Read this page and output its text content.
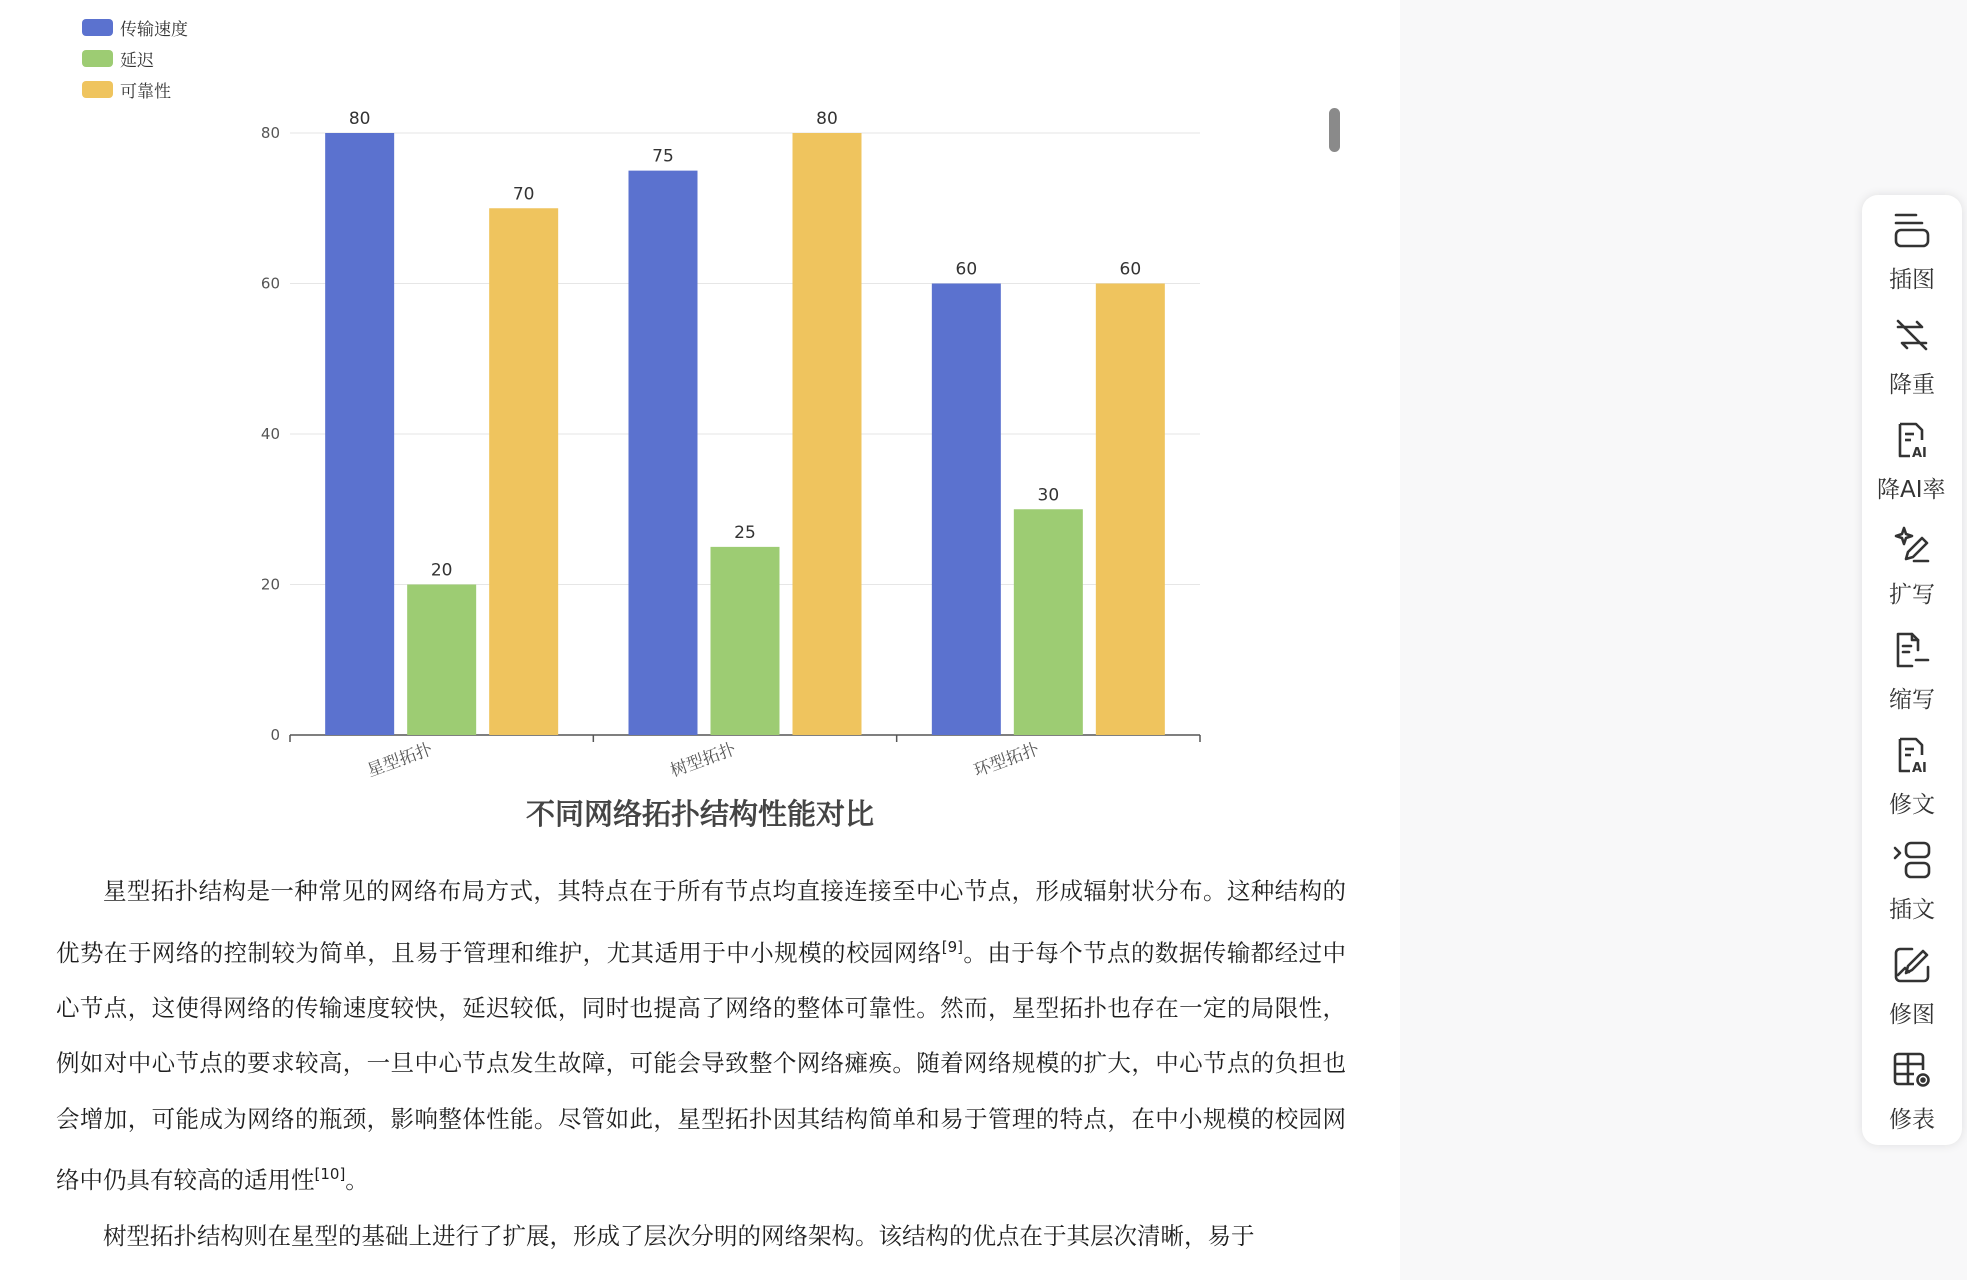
传输速度
延迟
可靠性
0
20
40
60
80
80
20
70
星型拓扑
75
25
80
树型拓扑
60
30
60
环型拓扑
不同网络拓扑结构性能对比

星型拓扑结构是一种常见的网络布局方式，其特点在于所有节点均直接连接至中心节点，形成辐射状分布。这种结构的优势在于网络的控制较为简单，且易于管理和维护，尤其适用于中小规模的校园网络[9]。由于每个节点的数据传输都经过中心节点，这使得网络的传输速度较快，延迟较低，同时也提高了网络的整体可靠性。然而，星型拓扑也存在一定的局限性，例如对中心节点的要求较高，一旦中心节点发生故障，可能会导致整个网络瘫痪。随着网络规模的扩大，中心节点的负担也会增加，可能成为网络的瓶颈，影响整体性能。尽管如此，星型拓扑因其结构简单和易于管理的特点，在中小规模的校园网络中仍具有较高的适用性[10]。

树型拓扑结构则在星型的基础上进行了扩展，形成了层次分明的网络架构。该结构的优点在于其层次清晰，易于

插图
降重
AI
降AI率
扩写
缩写
AI
修文
插文
修图
修表
